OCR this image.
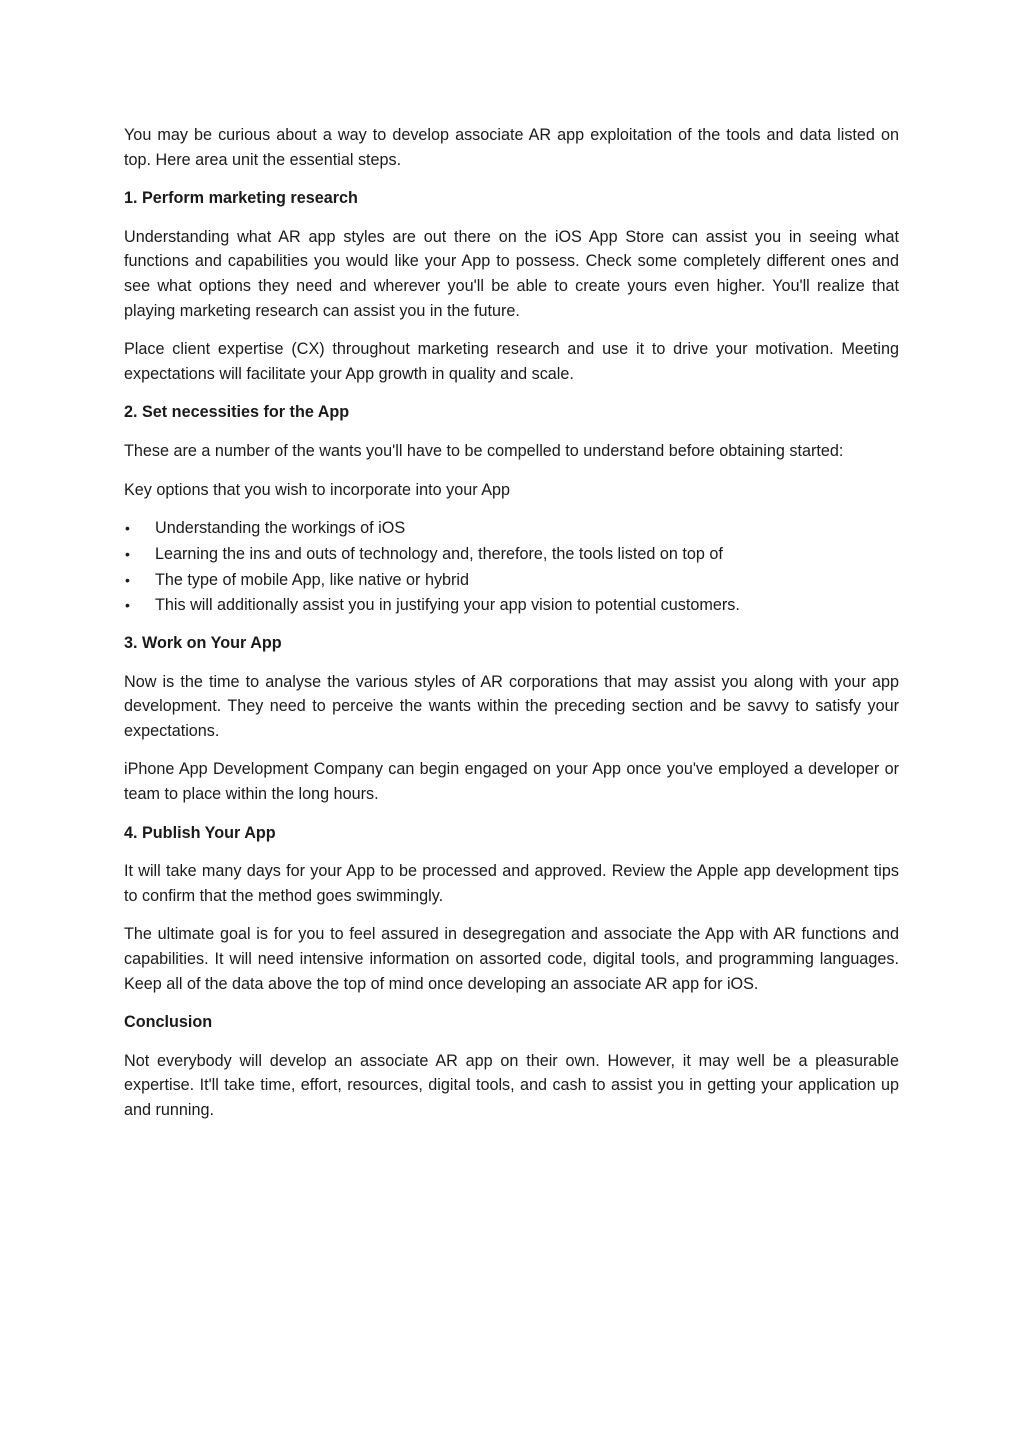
You may be curious about a way to develop associate AR app exploitation of the tools and data listed on top. Here area unit the essential steps.

1. Perform marketing research

Understanding what AR app styles are out there on the iOS App Store can assist you in seeing what functions and capabilities you would like your App to possess. Check some completely different ones and see what options they need and wherever you'll be able to create yours even higher. You'll realize that playing marketing research can assist you in the future.

Place client expertise (CX) throughout marketing research and use it to drive your motivation. Meeting expectations will facilitate your App growth in quality and scale.

2. Set necessities for the App

These are a number of the wants you'll have to be compelled to understand before obtaining started:

Key options that you wish to incorporate into your App

•	Understanding the workings of iOS
•	Learning the ins and outs of technology and, therefore, the tools listed on top of
•	The type of mobile App, like native or hybrid
•	This will additionally assist you in justifying your app vision to potential customers.
3. Work on Your App

Now is the time to analyse the various styles of AR corporations that may assist you along with your app development. They need to perceive the wants within the preceding section and be savvy to satisfy your expectations.

iPhone App Development Company can begin engaged on your App once you've employed a developer or team to place within the long hours.

4. Publish Your App

It will take many days for your App to be processed and approved. Review the Apple app development tips to confirm that the method goes swimmingly.

The ultimate goal is for you to feel assured in desegregation and associate the App with AR functions and capabilities. It will need intensive information on assorted code, digital tools, and programming languages. Keep all of the data above the top of mind once developing an associate AR app for iOS.

Conclusion

Not everybody will develop an associate AR app on their own. However, it may well be a pleasurable expertise. It'll take time, effort, resources, digital tools, and cash to assist you in getting your application up and running.
